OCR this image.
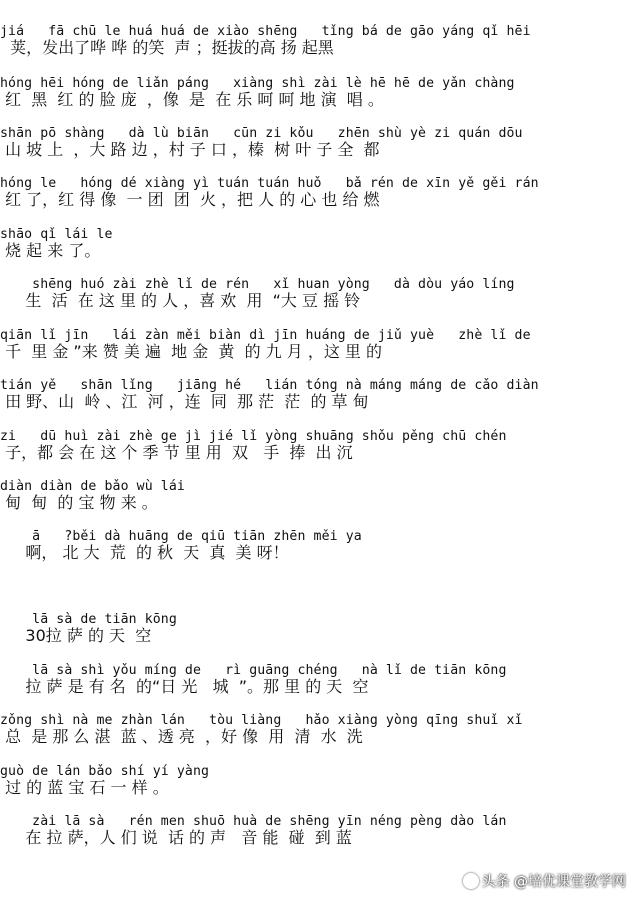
jiá   fā chū le huá huá de xiào shēng   tǐng bá de gāo yáng qǐ hēi

荚，发出了哗 哗 的笑  声 ；挺拔的高 扬 起黑

hóng hēi hóng de liǎn páng   xiàng shì zài lè hē hē de yǎn chàng

红  黑  红 的 脸 庞  ，像  是  在 乐 呵 呵 地 演  唱 。

shān pō shàng   dà lù biān   cūn zi kǒu   zhēn shù yè zi quán dōu

山 坡 上  ，大 路 边 ，村 子 口 ，榛  树 叶 子 全  都

hóng le   hóng dé xiàng yì tuán tuán huǒ   bǎ rén de xīn yě gěi rán

红 了，红 得 像  一 团  团  火 ，把 人 的 心 也 给 燃

shāo qǐ lái le

烧 起 来 了。

shēng huó zài zhè lǐ de rén   xǐ huan yòng   dà dòu yáo líng

生  活  在 这 里 的 人 ，喜 欢  用  “大 豆 摇 铃

qiān lǐ jīn   lái zàn měi biàn dì jīn huáng de jiǔ yuè   zhè lǐ de

千  里 金 ”来 赞 美 遍  地 金  黄  的 九 月 ，这 里 的

tián yě   shān lǐng   jiāng hé   lián tóng nà máng máng de cǎo diàn

田 野、山  岭 、江  河 ，连  同  那 茫  茫  的 草 甸

zi   dū huì zài zhè ge jì jié lǐ yòng shuāng shǒu pěng chū chén

子，都 会 在 这 个 季 节 里 用  双   手  捧  出 沉

diàn diàn de bǎo wù lái

甸  甸  的 宝 物 来 。

ā   ?běi dà huāng de qiū tiān zhēn měi ya

啊， 北 大  荒  的 秋  天  真  美 呀！

lā sà de tiān kōng

30拉 萨 的 天  空

lā sà shì yǒu míng de   rì guāng chéng   nà lǐ de tiān kōng

拉 萨 是 有 名  的“日 光   城  ”。那 里 的 天  空

zǒng shì nà me zhàn lán   tòu liàng   hǎo xiàng yòng qīng shuǐ xǐ

总  是 那 么 湛  蓝 、透 亮  ，好 像  用  清  水  洗

guò de lán bǎo shí yí yàng

过 的 蓝 宝 石 一 样 。

zài lā sà   rén men shuō huà de shēng yīn néng pèng dào lán

在 拉 萨，人 们 说  话 的 声   音 能  碰  到 蓝

头条 @培优课堂教学网
